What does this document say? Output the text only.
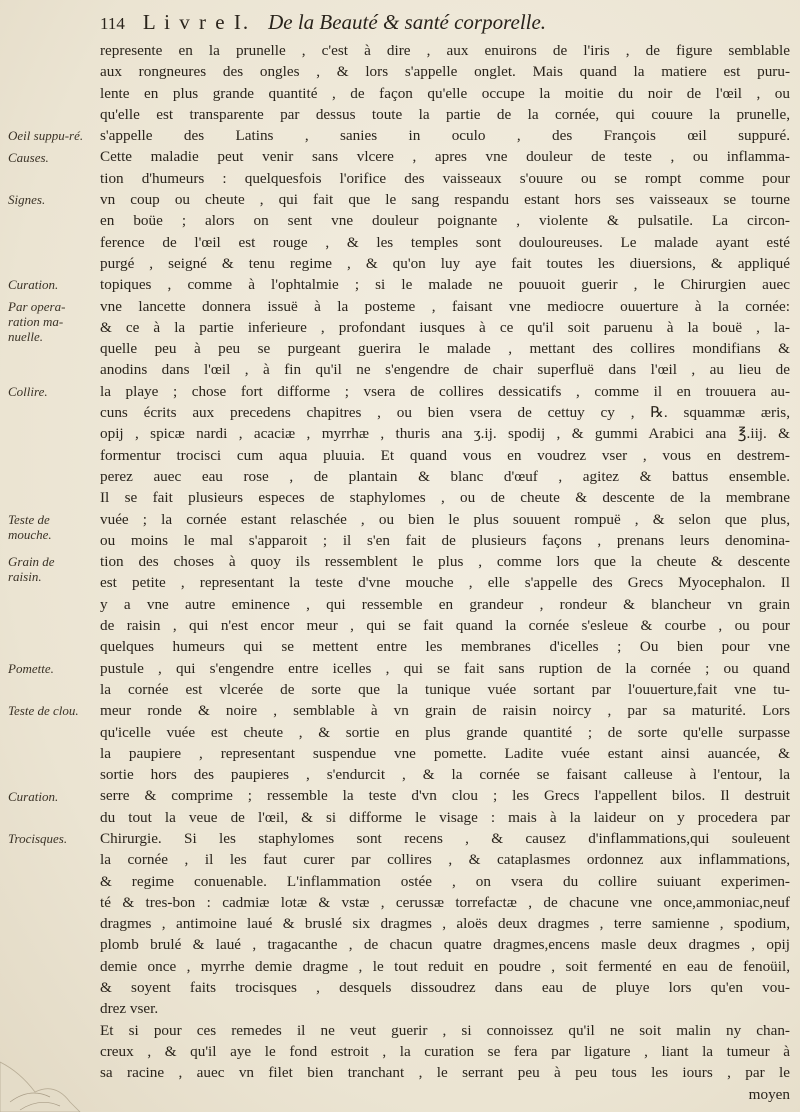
114 L i v r e I. De la Beauté & santé corporelle.
Oeil suppu-ré.
Causes.
Signes.
Curation.
Par opera-ration ma-nuelle.
Collire.
Teste de mouche.
Grain de raisin.
Pomette.
Teste de clou.
Curation.
Trocisques.

represente en la prunelle , c'est à dire , aux enuirons de l'iris , de figure semblable

aux rongneures des ongles , & lors s'appelle onglet. Mais quand la matiere est puru-

lente en plus grande quantité , de façon qu'elle occupe la moitie du noir de l'œil , ou

qu'elle est transparente par dessus toute la partie de la cornée, qui couure la prunelle,

s'appelle des Latins , sanies in oculo , des François œil suppuré.

Cette maladie peut venir sans vlcere , apres vne douleur de teste , ou inflamma-

tion d'humeurs : quelquesfois l'orifice des vaisseaux s'ouure ou se rompt comme pour

vn coup ou cheute , qui fait que le sang respandu estant hors ses vaisseaux se tourne

en boüe ; alors on sent vne douleur poignante , violente & pulsatile. La circon-

ference de l'œil est rouge , & les temples sont douloureuses. Le malade ayant esté

purgé , seigné & tenu regime , & qu'on luy aye fait toutes les diuersions, & appliqué

topiques , comme à l'ophtalmie ; si le malade ne pouuoit guerir , le Chirurgien auec

vne lancette donnera issuë à la posteme , faisant vne mediocre ouuerture à la cornée:

& ce à la partie inferieure , profondant iusques à ce qu'il soit paruenu à la bouë , la-

quelle peu à peu se purgeant guerira le malade , mettant des collires mondifians &

anodins dans l'œil , à fin qu'il ne s'engendre de chair superfluë dans l'œil , au lieu de

la playe ; chose fort difforme ; vsera de collires dessicatifs , comme il en trouuera au-

cuns écrits aux precedens chapitres , ou bien vsera de cettuy cy , ℞. squammæ æris,

opij , spicæ nardi , acaciæ , myrrhæ , thuris ana ʒ.ij. spodij , & gummi Arabici ana ℥.iij. &

formentur trocisci cum aqua pluuia. Et quand vous en voudrez vser , vous en destrem-

perez auec eau rose , de plantain & blanc d'œuf , agitez & battus ensemble.

Il se fait plusieurs especes de staphylomes , ou de cheute & descente de la membrane

vuée ; la cornée estant relaschée , ou bien le plus souuent rompuë , & selon que plus,

ou moins le mal s'apparoit ; il s'en fait de plusieurs façons , prenans leurs denomina-

tion des choses à quoy ils ressemblent le plus , comme lors que la cheute & descente

est petite , representant la teste d'vne mouche , elle s'appelle des Grecs Myocephalon. Il

y a vne autre eminence , qui ressemble en grandeur , rondeur & blancheur vn grain

de raisin , qui n'est encor meur , qui se fait quand la cornée s'esleue & courbe , ou pour

quelques humeurs qui se mettent entre les membranes d'icelles ; Ou bien pour vne

pustule , qui s'engendre entre icelles , qui se fait sans ruption de la cornée ; ou quand

la cornée est vlcerée de sorte que la tunique vuée sortant par l'ouuerture,fait vne tu-

meur ronde & noire , semblable à vn grain de raisin noircy , par sa maturité. Lors

qu'icelle vuée est cheute , & sortie en plus grande quantité ; de sorte qu'elle surpasse

la paupiere , representant suspendue vne pomette. Ladite vuée estant ainsi auancée, &

sortie hors des paupieres , s'endurcit , & la cornée se faisant calleuse à l'entour, la

serre & comprime ; ressemble la teste d'vn clou ; les Grecs l'appellent bilos. Il destruit

du tout la veue de l'œil, & si difforme le visage : mais à la laideur on y procedera par

Chirurgie. Si les staphylomes sont recens , & causez d'inflammations,qui souleuent

la cornée , il les faut curer par collires , & cataplasmes ordonnez aux inflammations,

& regime conuenable. L'inflammation ostée , on vsera du collire suiuant experimen-

té & tres-bon : cadmiæ lotæ & vstæ , cerussæ torrefactæ , de chacune vne once,ammoniac,neuf

dragmes , antimoine laué & bruslé six dragmes , aloës deux dragmes , terre samienne , spodium,

plomb brulé & laué , tragacanthe , de chacun quatre dragmes,encens masle deux dragmes , opij

demie once , myrrhe demie dragme , le tout reduit en poudre , soit fermenté en eau de fenoüil,

& soyent faits trocisques , desquels dissoudrez dans eau de pluye lors qu'en vou-

drez vser.

Et si pour ces remedes il ne veut guerir , si connoissez qu'il ne soit malin ny chan-

creux , & qu'il aye le fond estroit , la curation se fera par ligature , liant la tumeur à

sa racine , auec vn filet bien tranchant , le serrant peu à peu tous les iours , par le

moyen
